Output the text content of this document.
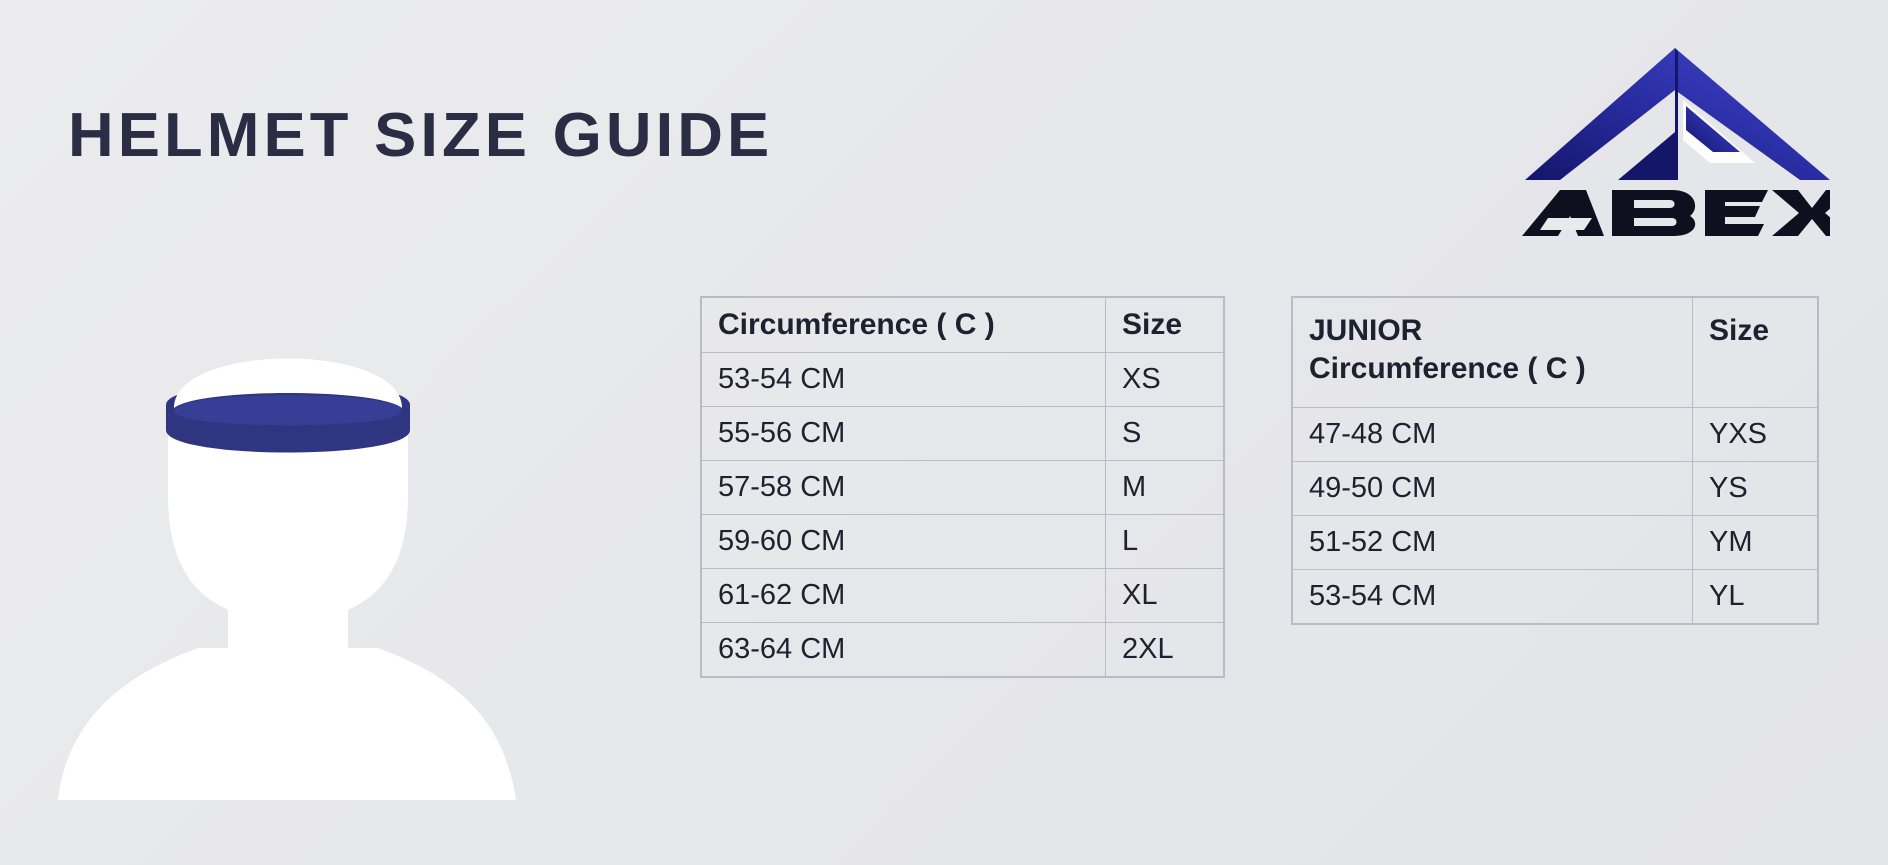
HELMET SIZE GUIDE
Circumference ( C )	Size
53-54 CM	XS
55-56 CM	S
57-58 CM	M
59-60 CM	L
61-62 CM	XL
63-64 CM	2XL
JUNIOR
Circumference ( C )	Size
47-48 CM	YXS
49-50 CM	YS
51-52 CM	YM
53-54 CM	YL
